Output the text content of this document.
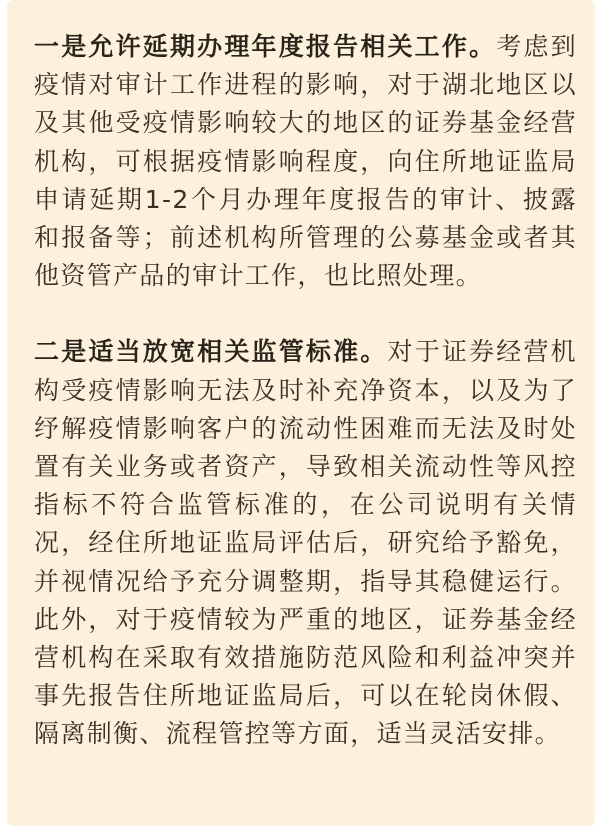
一是允许延期办理年度报告相关工作。考虑到疫情对审计工作进程的影响，对于湖北地区以及其他受疫情影响较大的地区的证券基金经营机构，可根据疫情影响程度，向住所地证监局申请延期1-2个月办理年度报告的审计、披露和报备等；前述机构所管理的公募基金或者其他资管产品的审计工作，也比照处理。

二是适当放宽相关监管标准。对于证券经营机构受疫情影响无法及时补充净资本，以及为了纾解疫情影响客户的流动性困难而无法及时处置有关业务或者资产，导致相关流动性等风控指标不符合监管标准的，在公司说明有关情况，经住所地证监局评估后，研究给予豁免，并视情况给予充分调整期，指导其稳健运行。此外，对于疫情较为严重的地区，证券基金经营机构在采取有效措施防范风险和利益冲突并事先报告住所地证监局后，可以在轮岗休假、隔离制衡、流程管控等方面，适当灵活安排。
